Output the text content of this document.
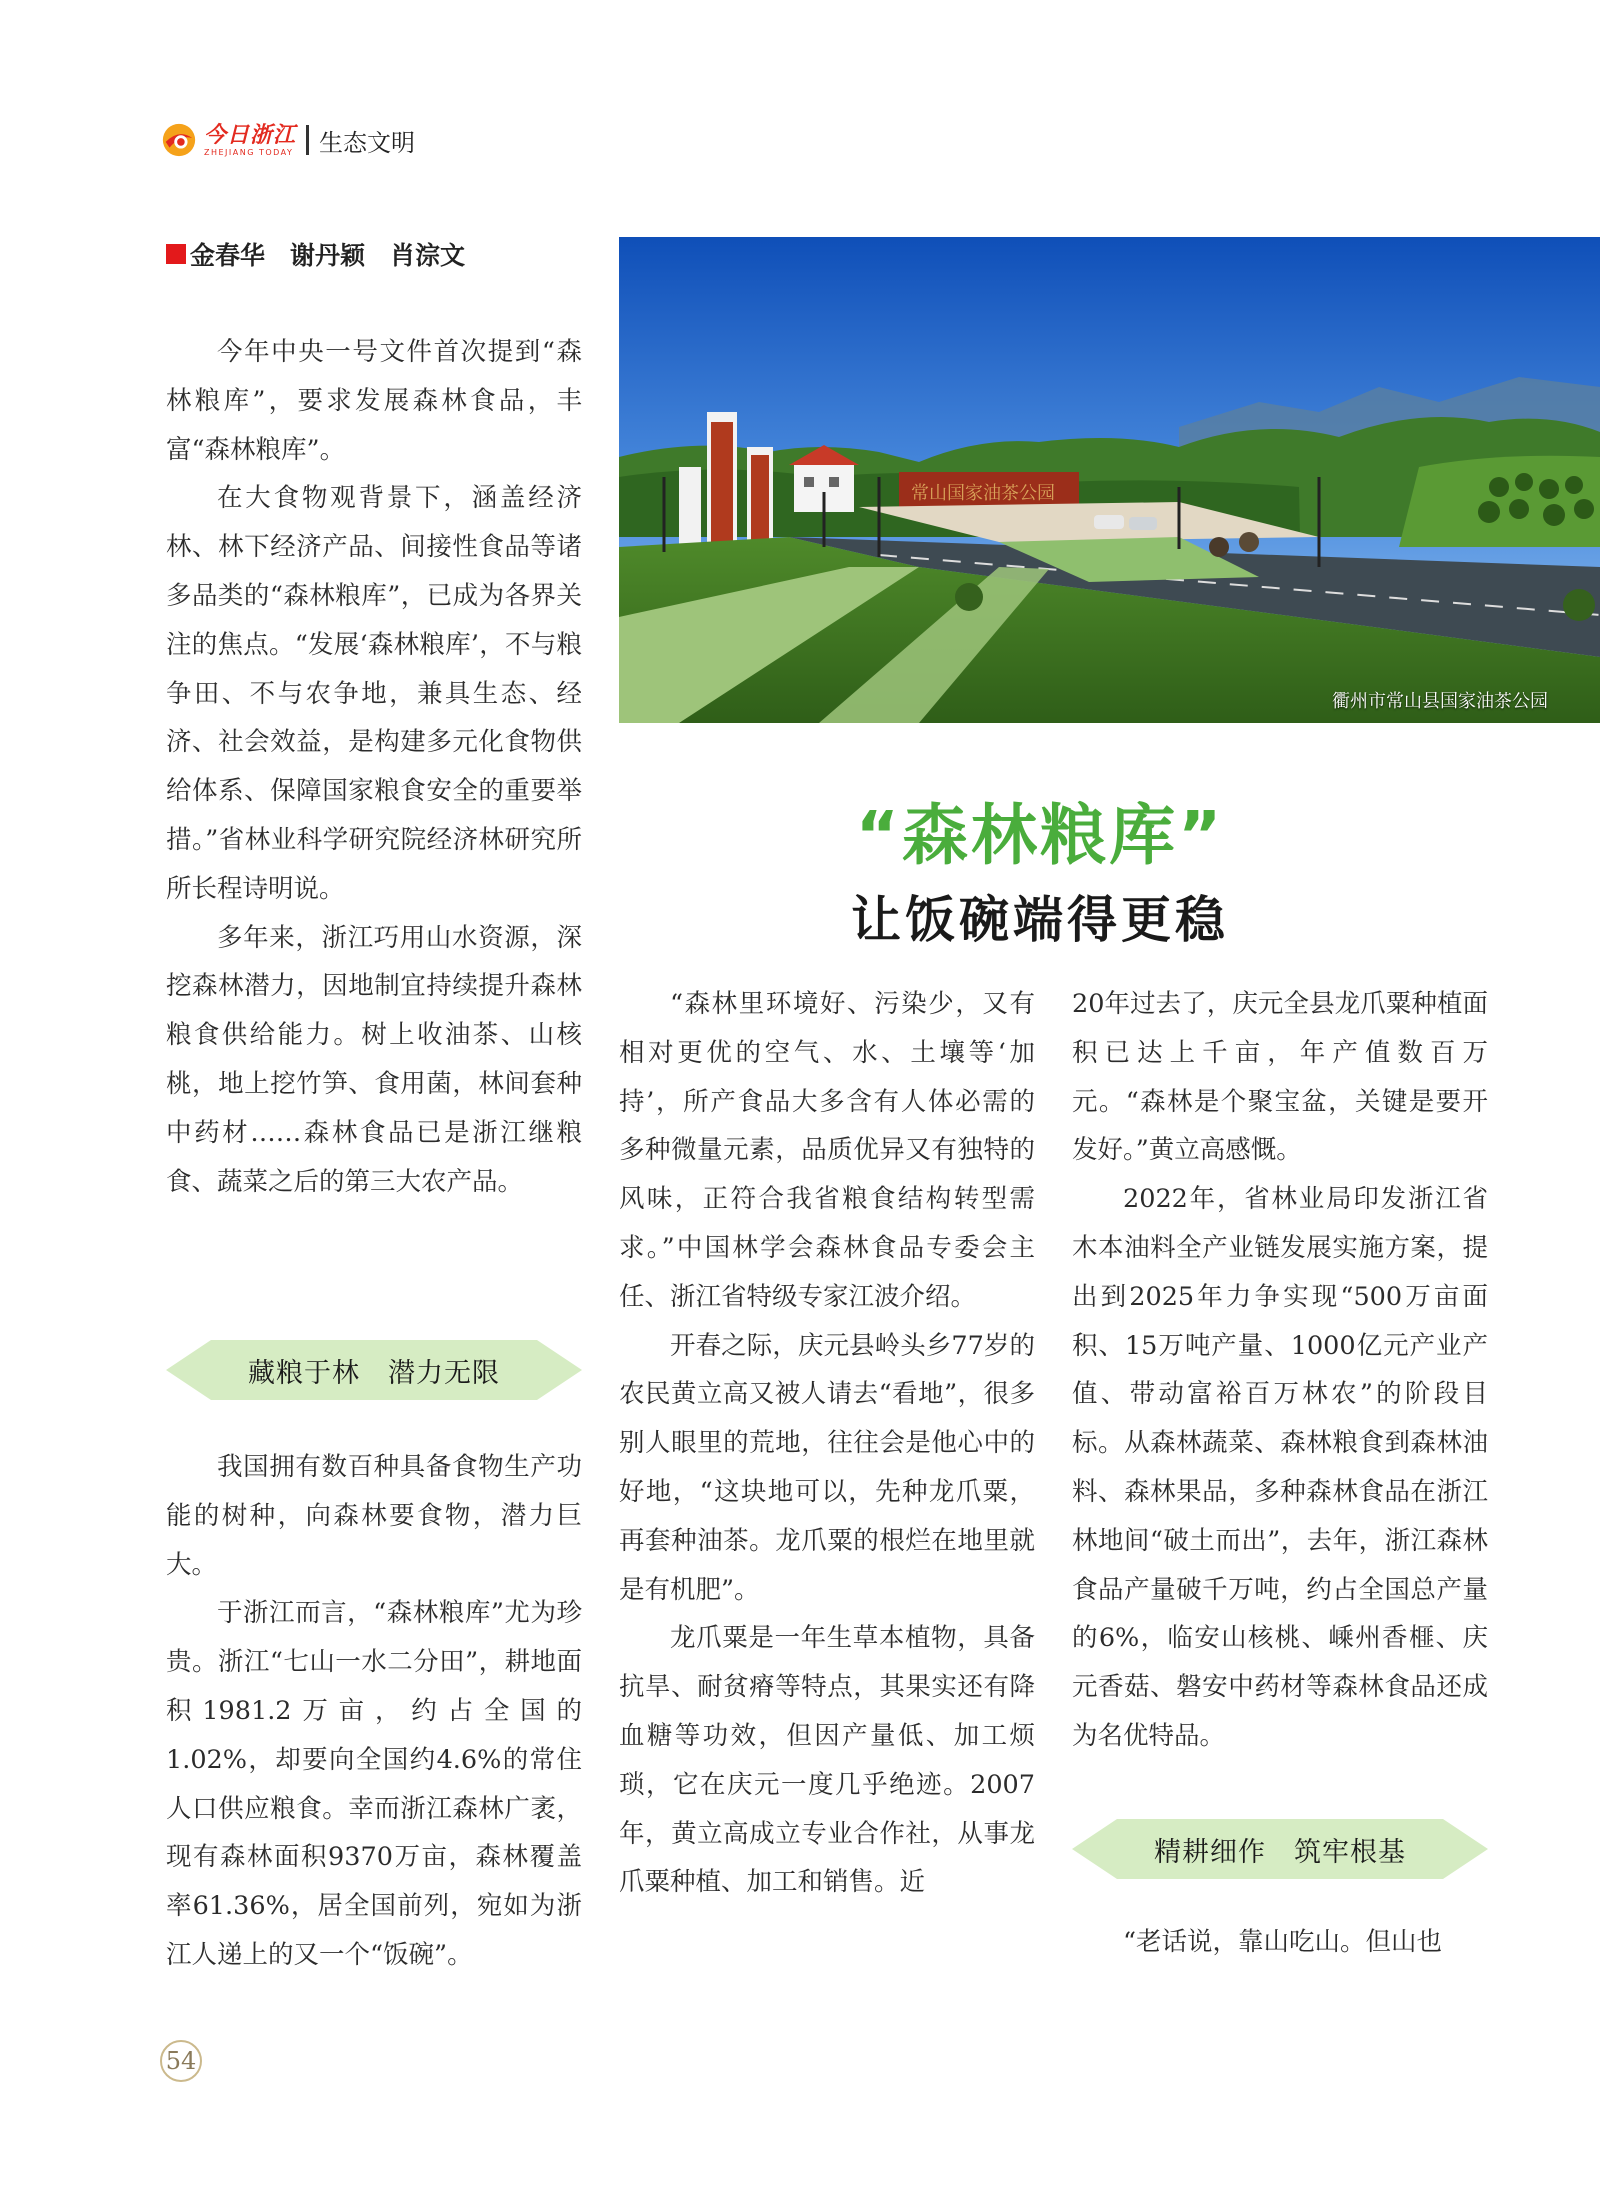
今日浙江
ZHEJIANG TODAY 生态文明
金春华　谢丹颖　肖淙文
常山国家油茶公园
衢州市常山县国家油茶公园
“森林粮库”
让饭碗端得更稳

今年中央一号文件首次提到“森林粮库”，要求发展森林食品，丰富“森林粮库”。

在大食物观背景下，涵盖经济林、林下经济产品、间接性食品等诸多品类的“森林粮库”，已成为各界关注的焦点。“发展‘森林粮库’，不与粮争田、不与农争地，兼具生态、经济、社会效益，是构建多元化食物供给体系、保障国家粮食安全的重要举措。”省林业科学研究院经济林研究所所长程诗明说。

多年来，浙江巧用山水资源，深挖森林潜力，因地制宜持续提升森林粮食供给能力。树上收油茶、山核桃，地上挖竹笋、食用菌，林间套种中药材……森林食品已是浙江继粮食、蔬菜之后的第三大农产品。

藏粮于林　潜力无限

我国拥有数百种具备食物生产功能的树种，向森林要食物，潜力巨大。

于浙江而言，“森林粮库”尤为珍贵。浙江“七山一水二分田”，耕地面积1981.2万亩，约占全国的1.02%，却要向全国约4.6%的常住人口供应粮食。幸而浙江森林广袤，现有森林面积9370万亩，森林覆盖率61.36%，居全国前列，宛如为浙江人递上的又一个“饭碗”。

“森林里环境好、污染少，又有相对更优的空气、水、土壤等‘加持’，所产食品大多含有人体必需的多种微量元素，品质优异又有独特的风味，正符合我省粮食结构转型需求。”中国林学会森林食品专委会主任、浙江省特级专家江波介绍。

开春之际，庆元县岭头乡77岁的农民黄立高又被人请去“看地”，很多别人眼里的荒地，往往会是他心中的好地，“这块地可以，先种龙爪粟，再套种油茶。龙爪粟的根烂在地里就是有机肥”。

龙爪粟是一年生草本植物，具备抗旱、耐贫瘠等特点，其果实还有降血糖等功效，但因产量低、加工烦琐，它在庆元一度几乎绝迹。2007年，黄立高成立专业合作社，从事龙爪粟种植、加工和销售。近

20年过去了，庆元全县龙爪粟种植面积已达上千亩，年产值数百万元。“森林是个聚宝盆，关键是要开发好。”黄立高感慨。

2022年，省林业局印发浙江省木本油料全产业链发展实施方案，提出到2025年力争实现“500万亩面积、15万吨产量、1000亿元产业产值、带动富裕百万林农”的阶段目标。从森林蔬菜、森林粮食到森林油料、森林果品，多种森林食品在浙江林地间“破土而出”，去年，浙江森林食品产量破千万吨，约占全国总产量的6%，临安山核桃、嵊州香榧、庆元香菇、磐安中药材等森林食品还成为名优特品。

精耕细作　筑牢根基

“老话说，靠山吃山。但山也

54
